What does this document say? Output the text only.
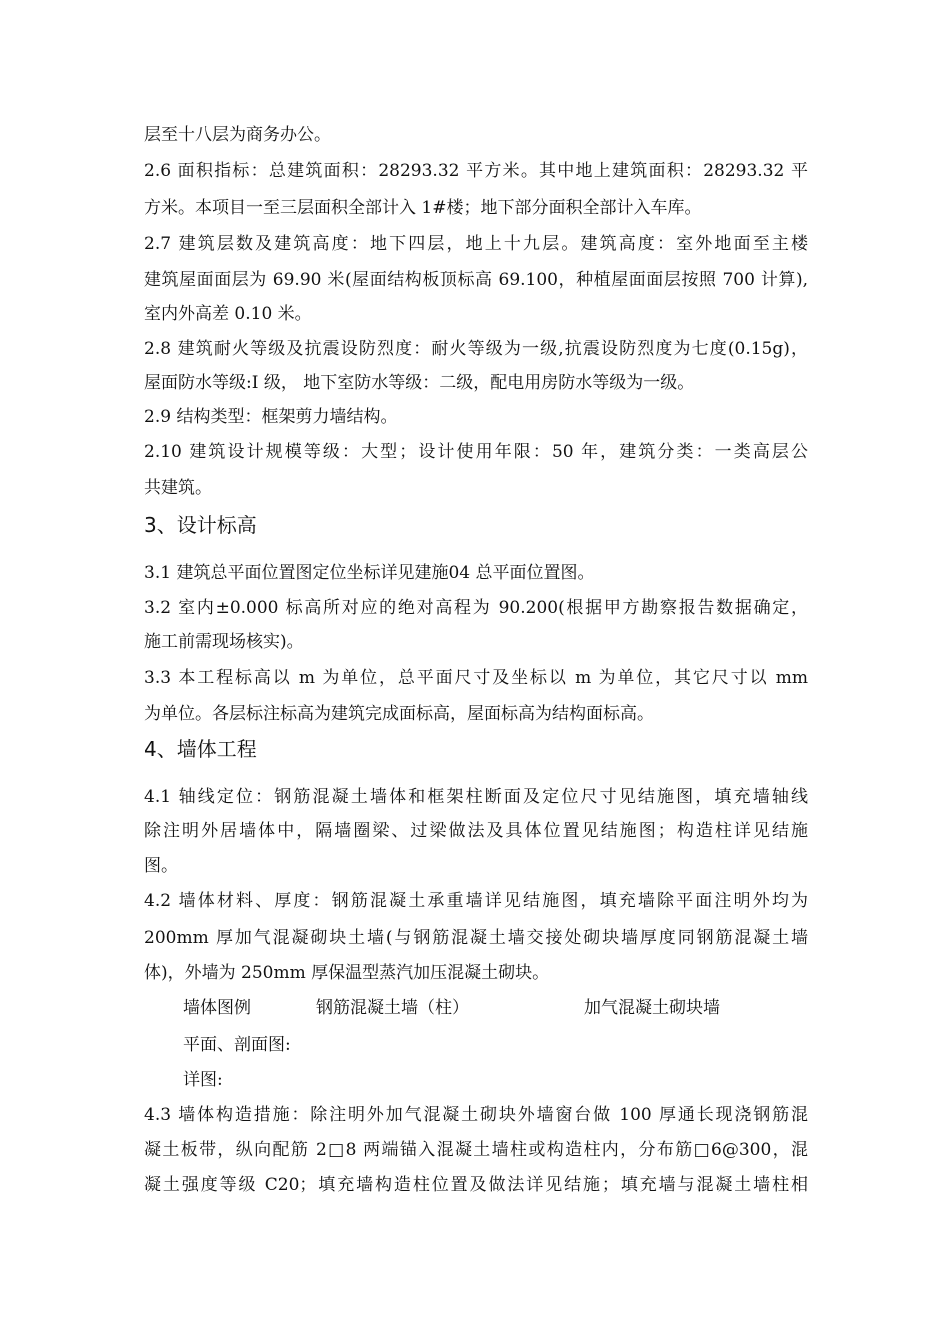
层至十八层为商务办公。
2.6 面积指标：总建筑面积：28293.32 平方米。其中地上建筑面积：28293.32 平
方米。本项目一至三层面积全部计入 1#楼；地下部分面积全部计入车库。
2.7 建筑层数及建筑高度：地下四层，地上十九层。建筑高度：室外地面至主楼
建筑屋面面层为 69.90 米(屋面结构板顶标高 69.100，种植屋面面层按照 700 计算),
室内外高差 0.10 米。
2.8 建筑耐火等级及抗震设防烈度：耐火等级为一级,抗震设防烈度为七度(0.15g)，
屋面防水等级:I 级， 地下室防水等级：二级，配电用房防水等级为一级。
2.9 结构类型：框架剪力墙结构。
2.10 建筑设计规模等级：大型；设计使用年限：50 年，建筑分类：一类高层公
共建筑。
3、设计标高
3.1 建筑总平面位置图定位坐标详见建施04 总平面位置图。
3.2 室内±0.000 标高所对应的绝对高程为 90.200(根据甲方勘察报告数据确定，
施工前需现场核实)。
3.3 本工程标高以 m 为单位，总平面尺寸及坐标以 m 为单位，其它尺寸以 mm
为单位。各层标注标高为建筑完成面标高，屋面标高为结构面标高。
4、墙体工程
4.1 轴线定位：钢筋混凝土墙体和框架柱断面及定位尺寸见结施图，填充墙轴线
除注明外居墙体中，隔墙圈梁、过梁做法及具体位置见结施图；构造柱详见结施
图。
4.2 墙体材料、厚度：钢筋混凝土承重墙详见结施图，填充墙除平面注明外均为
200mm 厚加气混凝砌块土墙(与钢筋混凝土墙交接处砌块墙厚度同钢筋混凝土墙
体)，外墙为 250mm 厚保温型蒸汽加压混凝土砌块。
墙体图例	钢筋混凝土墙（柱）	加气混凝土砌块墙
平面、剖面图:
详图:
4.3 墙体构造措施：除注明外加气混凝土砌块外墙窗台做 100 厚通长现浇钢筋混
凝土板带，纵向配筋 2□8 两端锚入混凝土墙柱或构造柱内，分布筋□6@300，混
凝土强度等级 C20；填充墙构造柱位置及做法详见结施；填充墙与混凝土墙柱相
